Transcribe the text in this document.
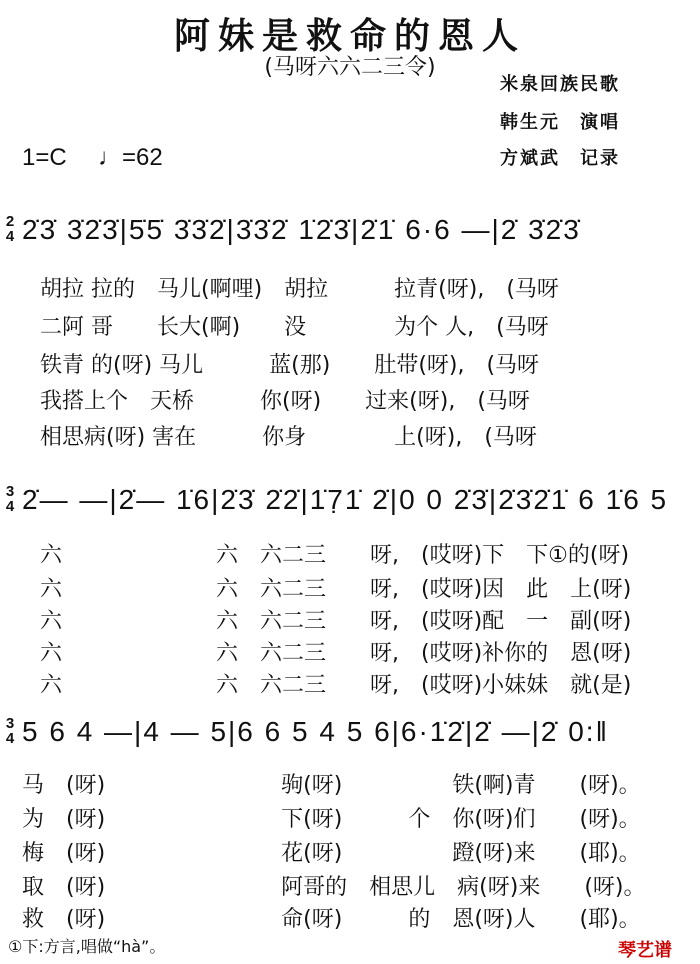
阿妹是救命的恩人
(马呀六六二三令)
米泉回族民歌
韩生元　演唱
方斌武　记录
1=C ♩=62
2
4 2̇3̇ 3̇2̇3̇|5̇5̇ 3̇3̇2̇|3̇3̇2̇ 1̇2̇3̇|2̇1̇ 6·6 —|2̇ 3̇2̇3̇
胡拉 拉的　马儿(啊哩)　胡拉　　　拉青(呀),　(马呀
二阿 哥　　长大(啊)　　没　　　　为个 人,　(马呀
铁青 的(呀) 马儿　　　蓝(那)　　肚带(呀),　(马呀
我搭上个　天桥　　　你(呀)　　过来(呀),　(马呀
相思病(呀) 害在　　　你身　　　　上(呀),　(马呀
3
4 2̇— —|2̇— 1̇6|2̇3̇ 2̇2̇|1̇7̣1̇ 2̇|0 0 2̇3̇|2̇3̇2̇1̇ 6 1̇6 5
六　　　　　　　六　六二三　　呀,　(哎呀)下　下①的(呀)
六　　　　　　　六　六二三　　呀,　(哎呀)因　此　上(呀)
六　　　　　　　六　六二三　　呀,　(哎呀)配　一　副(呀)
六　　　　　　　六　六二三　　呀,　(哎呀)补你的　恩(呀)
六　　　　　　　六　六二三　　呀,　(哎呀)小妹妹　就(是)
3
4 5 6 4 —|4 — 5|6 6 5 4 5 6|6·1̇2̇|2̇ —|2̇ 0:‖
马　(呀)　　　　　　　　驹(呀)　　　　　铁(啊)青　　(呀)。
为　(呀)　　　　　　　　下(呀)　　　个　你(呀)们　　(呀)。
梅　(呀)　　　　　　　　花(呀)　　　　　蹬(呀)来　　(耶)。
取　(呀)　　　　　　　　阿哥的　相思儿　病(呀)来　　(呀)。
救　(呀)　　　　　　　　命(呀)　　　的　恩(呀)人　　(耶)。
①下:方言,唱做“hà”。	琴艺谱
